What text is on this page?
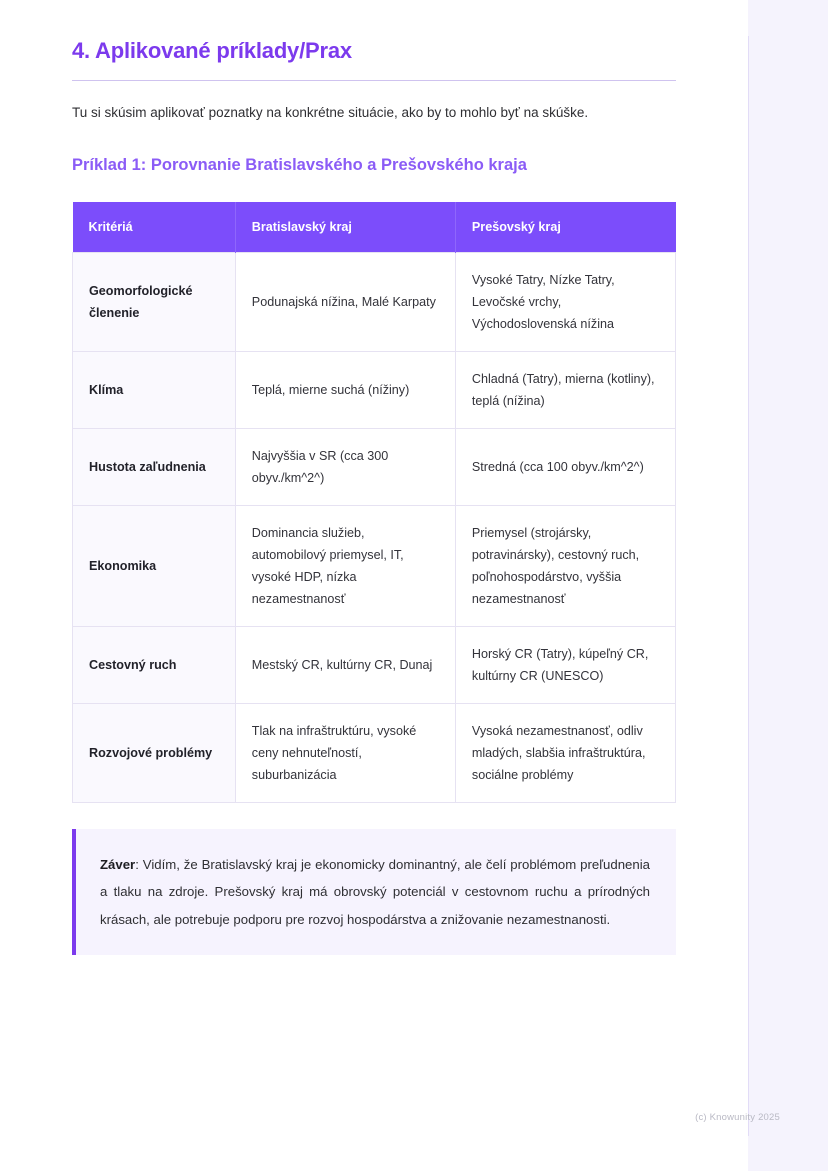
4. Aplikované príklady/Prax

Tu si skúsim aplikovať poznatky na konkrétne situácie, ako by to mohlo byť na skúške.

Príklad 1: Porovnanie Bratislavského a Prešovského kraja
Kritériá	Bratislavský kraj	Prešovský kraj
Geomorfologické členenie	Podunajská nížina, Malé Karpaty	Vysoké Tatry, Nízke Tatry, Levočské vrchy, Východoslovenská nížina
Klíma	Teplá, mierne suchá (nížiny)	Chladná (Tatry), mierna (kotliny), teplá (nížina)
Hustota zaľudnenia	Najvyššia v SR (cca 300 obyv./km^2^)	Stredná (cca 100 obyv./km^2^)
Ekonomika	Dominancia služieb, automobilový priemysel, IT, vysoké HDP, nízka nezamestnanosť	Priemysel (strojársky, potravinársky), cestovný ruch, poľnohospodárstvo, vyššia nezamestnanosť
Cestovný ruch	Mestský CR, kultúrny CR, Dunaj	Horský CR (Tatry), kúpeľný CR, kultúrny CR (UNESCO)
Rozvojové problémy	Tlak na infraštruktúru, vysoké ceny nehnuteľností, suburbanizácia	Vysoká nezamestnanosť, odliv mladých, slabšia infraštruktúra, sociálne problémy
Záver: Vidím, že Bratislavský kraj je ekonomicky dominantný, ale čelí problémom preľudnenia a tlaku na zdroje. Prešovský kraj má obrovský potenciál v cestovnom ruchu a prírodných krásach, ale potrebuje podporu pre rozvoj hospodárstva a znižovanie nezamestnanosti.
(c) Knowunity 2025
